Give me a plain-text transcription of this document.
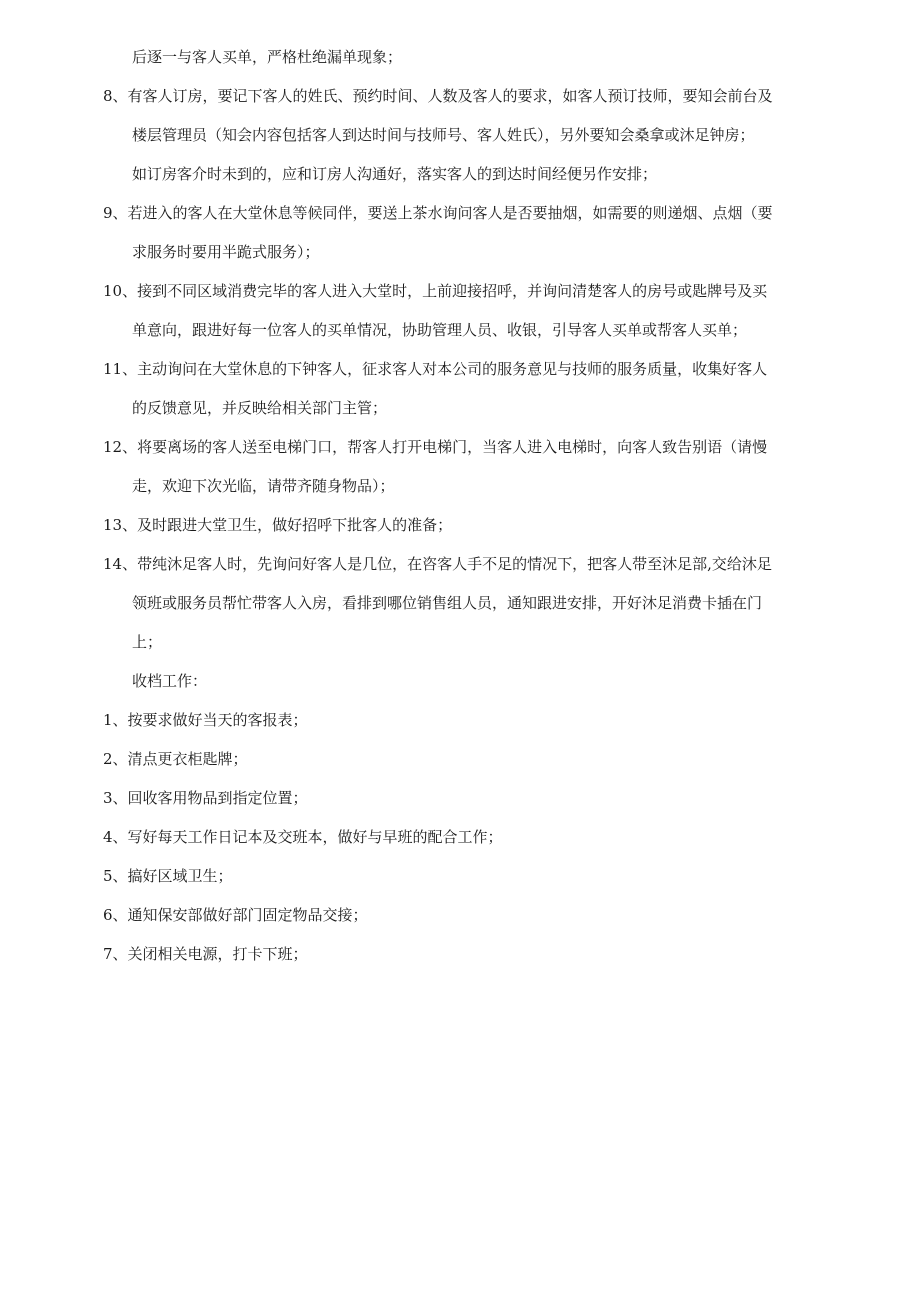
后逐一与客人买单，严格杜绝漏单现象；
8、有客人订房，要记下客人的姓氏、预约时间、人数及客人的要求，如客人预订技师，要知会前台及
楼层管理员（知会内容包括客人到达时间与技师号、客人姓氏），另外要知会桑拿或沐足钟房；
如订房客介时未到的，应和订房人沟通好，落实客人的到达时间经便另作安排；
9、若进入的客人在大堂休息等候同伴，要送上茶水询问客人是否要抽烟，如需要的则递烟、点烟（要
求服务时要用半跪式服务）；
10、接到不同区域消费完毕的客人进入大堂时，上前迎接招呼，并询问清楚客人的房号或匙牌号及买
单意向，跟进好每一位客人的买单情况，协助管理人员、收银，引导客人买单或帮客人买单；
11、主动询问在大堂休息的下钟客人，征求客人对本公司的服务意见与技师的服务质量，收集好客人
的反馈意见，并反映给相关部门主管；
12、将要离场的客人送至电梯门口，帮客人打开电梯门，当客人进入电梯时，向客人致告别语（请慢
走，欢迎下次光临，请带齐随身物品）；
13、及时跟进大堂卫生，做好招呼下批客人的准备；
14、带纯沐足客人时，先询问好客人是几位，在咨客人手不足的情况下，把客人带至沐足部,交给沐足
领班或服务员帮忙带客人入房，看排到哪位销售组人员，通知跟进安排，开好沐足消费卡插在门
上；
收档工作：
1、按要求做好当天的客报表；
2、清点更衣柜匙牌；
3、回收客用物品到指定位置；
4、写好每天工作日记本及交班本，做好与早班的配合工作；
5、搞好区域卫生；
6、通知保安部做好部门固定物品交接；
7、关闭相关电源，打卡下班；
